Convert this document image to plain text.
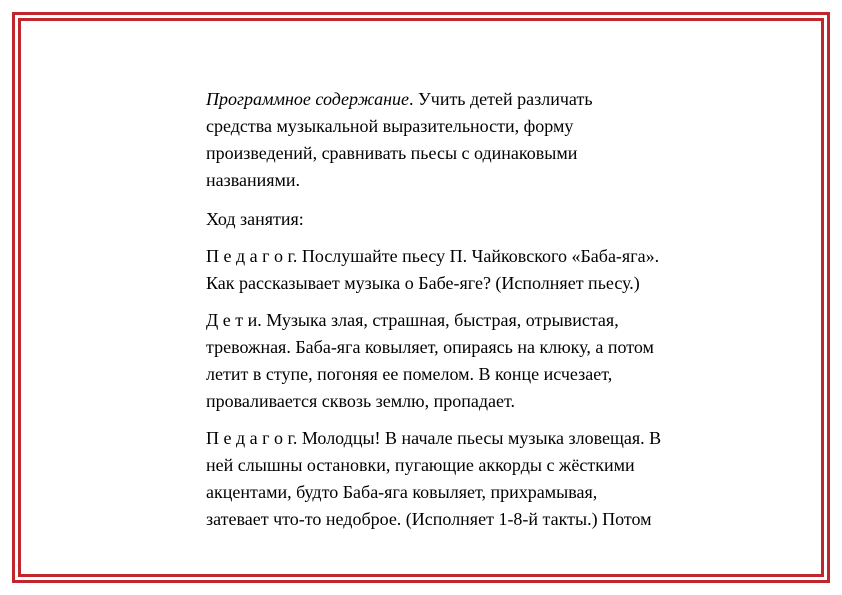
Программное содержание. Учить детей различать
средства музыкальной выразительности, форму
произведений, сравнивать пьесы с одинаковыми
названиями.

Ход занятия:

П е д а г о г. Послушайте пьесу П. Чайковского «Баба-яга».
Как рассказывает музыка о Бабе-яге? (Исполняет пьесу.)

Д е т и. Музыка злая, страшная, быстрая, отрывистая,
тревожная. Баба-яга ковыляет, опираясь на клюку, а потом
летит в ступе, погоняя ее помелом. В конце исчезает,
проваливается сквозь землю, пропадает.

П е д а г о г. Молодцы! В начале пьесы музыка зловещая. В
ней слышны остановки, пугающие аккорды с жёсткими
акцентами, будто Баба-яга ковыляет, прихрамывая,
затевает что-то недоброе. (Исполняет 1-8-й такты.) Потом
